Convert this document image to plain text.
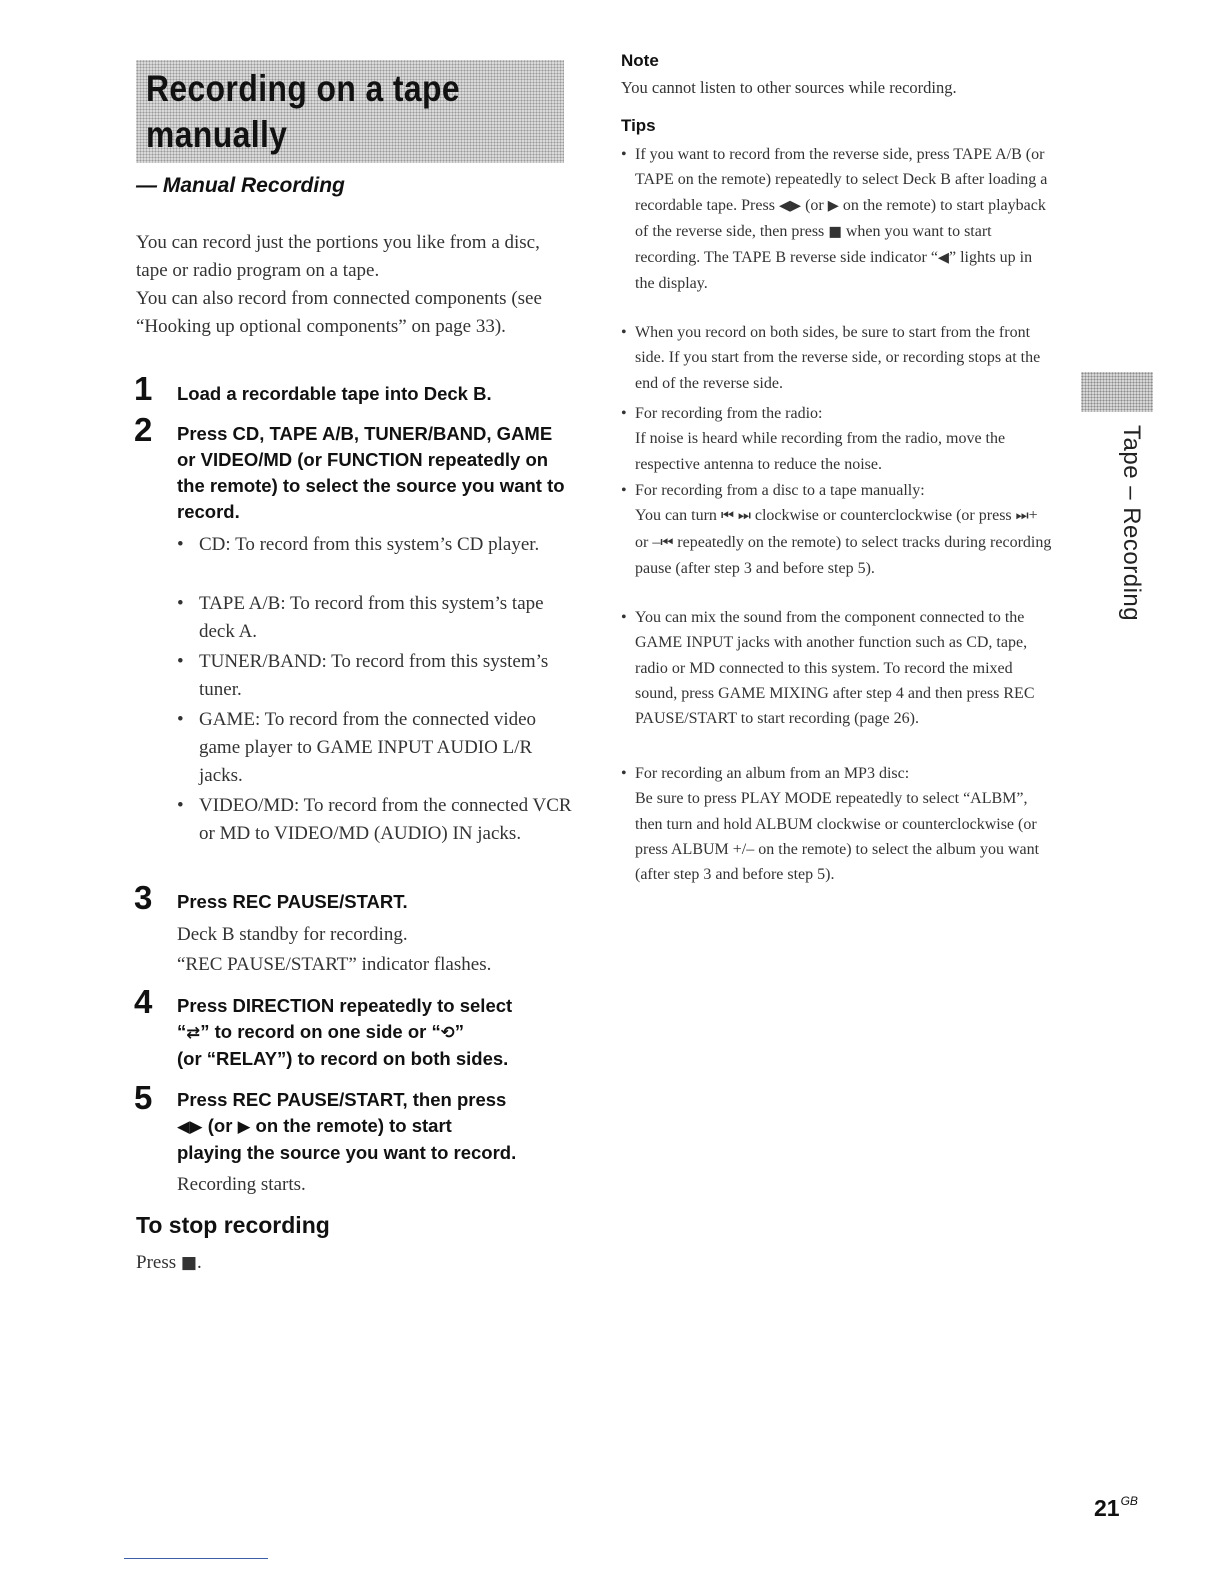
Recording on a tape
manually
— Manual Recording
You can record just the portions you like from a disc, tape or radio program on a tape.
You can also record from connected components (see “Hooking up optional components” on page 33).
1 Load a recordable tape into Deck B.
2 Press CD, TAPE A/B, TUNER/BAND, GAME or VIDEO/MD (or FUNCTION repeatedly on the remote) to select the source you want to record.
• CD: To record from this system’s CD player.
• TAPE A/B: To record from this system’s tape deck A.
• TUNER/BAND: To record from this system’s tuner.
• GAME: To record from the connected video game player to GAME INPUT AUDIO L/R jacks.
• VIDEO/MD: To record from the connected VCR or MD to VIDEO/MD (AUDIO) IN jacks.
3 Press REC PAUSE/START.
Deck B standby for recording.
“REC PAUSE/START” indicator flashes.
4 Press DIRECTION repeatedly to select
“⇄” to record on one side or “⟲”
(or “RELAY”) to record on both sides.
5 Press REC PAUSE/START, then press
◀▶ (or ▶ on the remote) to start
playing the source you want to record.
Recording starts.
To stop recording
Press ■.
Note
You cannot listen to other sources while recording.
Tips
• If you want to record from the reverse side, press TAPE A/B (or TAPE on the remote) repeatedly to select Deck B after loading a recordable tape. Press ◀▶ (or ▶ on the remote) to start playback of the reverse side, then press ■ when you want to start recording. The TAPE B reverse side indicator “◀” lights up in the display.
• When you record on both sides, be sure to start from the front side. If you start from the reverse side, or recording stops at the end of the reverse side.
• For recording from the radio:
If noise is heard while recording from the radio, move the respective antenna to reduce the noise.
• For recording from a disc to a tape manually:
You can turn ⏮ ⏭ clockwise or counterclockwise (or press ⏭+ or –⏮ repeatedly on the remote) to select tracks during recording pause (after step 3 and before step 5).
• You can mix the sound from the component connected to the GAME INPUT jacks with another function such as CD, tape, radio or MD connected to this system. To record the mixed sound, press GAME MIXING after step 4 and then press REC PAUSE/START to start recording (page 26).
• For recording an album from an MP3 disc:
Be sure to press PLAY MODE repeatedly to select “ALBM”, then turn and hold ALBUM clockwise or counterclockwise (or press ALBUM +/– on the remote) to select the album you want (after step 3 and before step 5).
Tape – Recording
$21^{GB}$
